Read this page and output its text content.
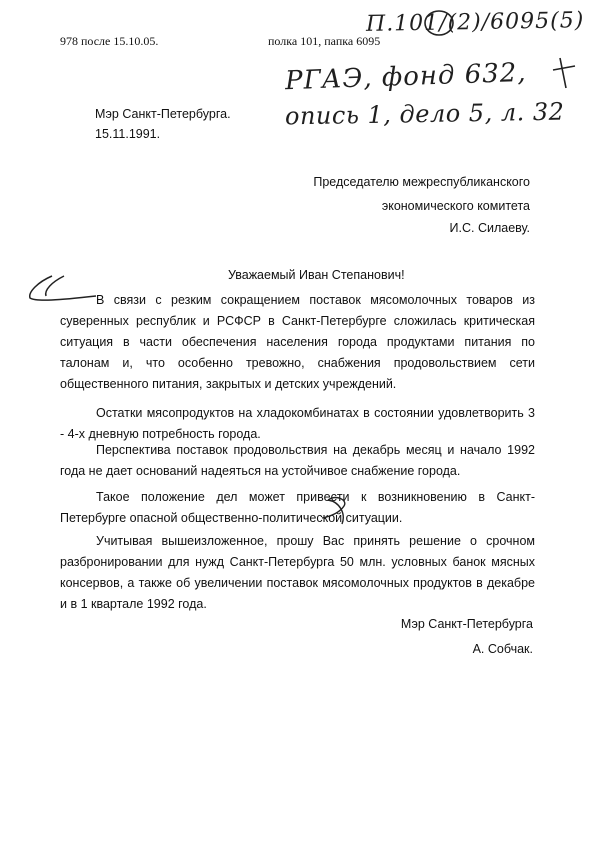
978 после 15.10.05.	полка 101, папка 6095
П.101/(2)/6095(5)
РГАЭ, фонд 632,
опись 1, дело 5, л. 32
Мэр Санкт-Петербурга.
15.11.1991.
Председателю межреспубликанского
экономического комитета
И.С. Силаеву.
Уважаемый Иван Степанович!
В связи с резким сокращением поставок мясомолочных товаров из суверенных республик и РСФСР в Санкт-Петербурге сложилась критическая ситуация в части обеспечения населения города продуктами питания по талонам и, что особенно тревожно, снабжения продовольствием сети общественного питания, закрытых и детских учреждений.
Остатки мясопродуктов на хладокомбинатах в состоянии удовлетворить 3 - 4-х дневную потребность города.
Перспектива поставок продовольствия на декабрь месяц и начало 1992 года не дает оснований надеяться на устойчивое снабжение города.
Такое положение дел может привести к возникновению в Санкт-Петербурге опасной общественно-политической ситуации.
Учитывая вышеизложенное, прошу Вас принять решение о срочном разбронировании для нужд Санкт-Петербурга 50 млн. условных банок мясных консервов, а также об увеличении поставок мясомолочных продуктов в декабре и в 1 квартале 1992 года.
Мэр Санкт-Петербурга
А. Собчак.
